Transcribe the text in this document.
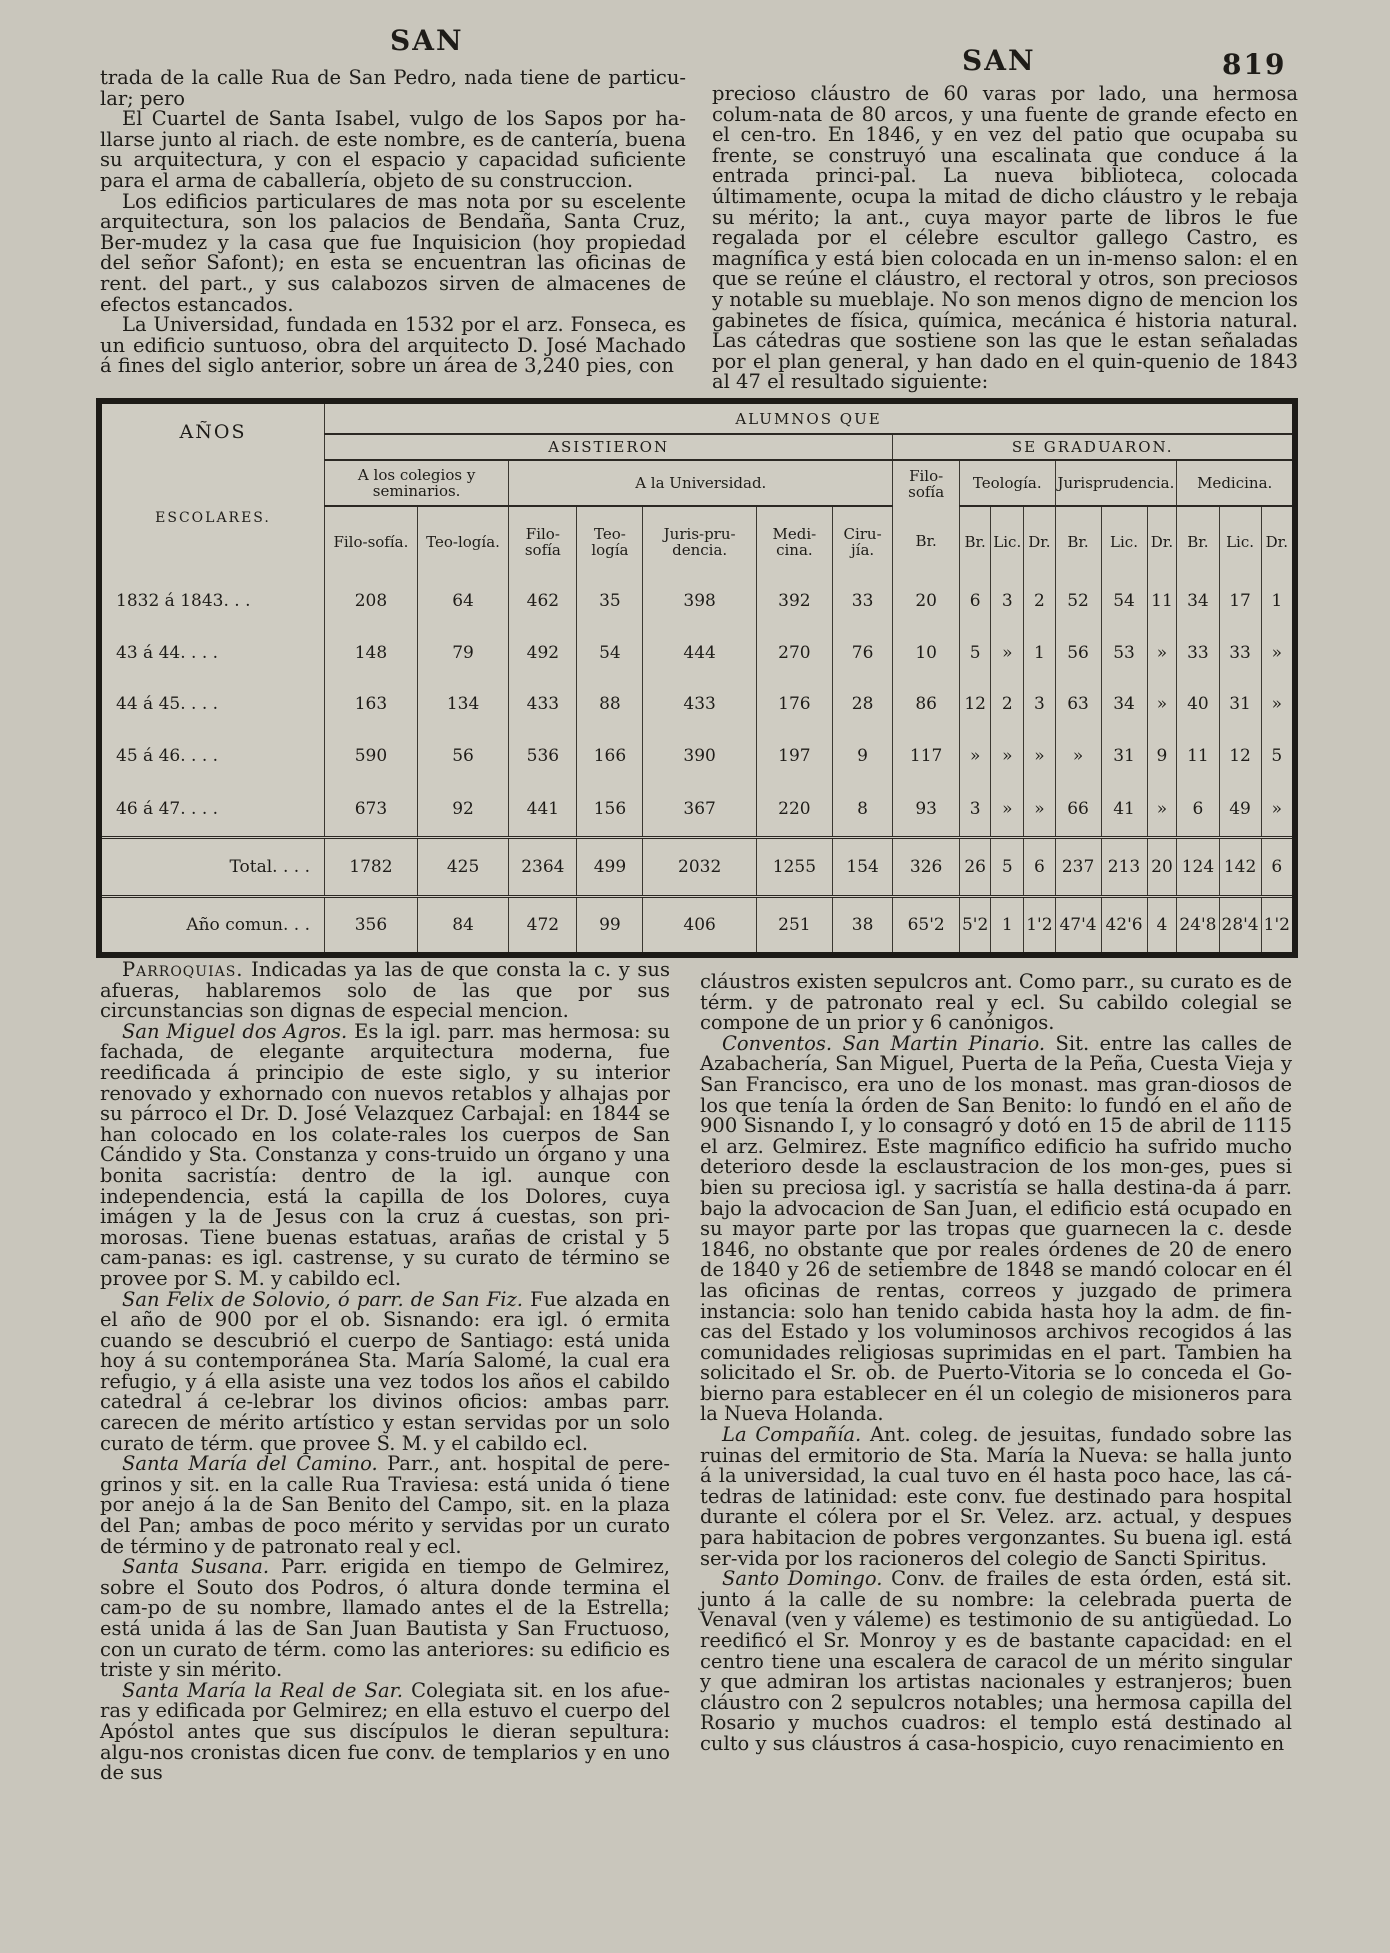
SAN
SAN	819

trada de la calle Rua de San Pedro, nada tiene de particu-lar; pero

El Cuartel de Santa Isabel, vulgo de los Sapos por ha-llarse junto al riach. de este nombre, es de cantería, buena su arquitectura, y con el espacio y capacidad suficiente para el arma de caballería, objeto de su construccion.

Los edificios particulares de mas nota por su escelente arquitectura, son los palacios de Bendaña, Santa Cruz, Ber-mudez y la casa que fue Inquisicion (hoy propiedad del señor Safont); en esta se encuentran las oficinas de rent. del part., y sus calabozos sirven de almacenes de efectos estancados.

La Universidad, fundada en 1532 por el arz. Fonseca, es un edificio suntuoso, obra del arquitecto D. José Machado á fines del siglo anterior, sobre un área de 3,240 pies, con

precioso cláustro de 60 varas por lado, una hermosa colum-nata de 80 arcos, y una fuente de grande efecto en el cen-tro. En 1846, y en vez del patio que ocupaba su frente, se construyó una escalinata que conduce á la entrada princi-pal. La nueva biblioteca, colocada últimamente, ocupa la mitad de dicho cláustro y le rebaja su mérito; la ant., cuya mayor parte de libros le fue regalada por el célebre escultor gallego Castro, es magnífica y está bien colocada en un in-menso salon: el en que se reúne el cláustro, el rectoral y otros, son preciosos y notable su mueblaje. No son menos digno de mencion los gabinetes de física, química, mecánica é historia natural. Las cátedras que sostiene son las que le estan señaladas por el plan general, y han dado en el quin-quenio de 1843 al 47 el resultado siguiente:

AÑOS	ALUMNOS QUE																
	ASISTIERON							SE GRADUARON.									

ESCOLARES.	A los colegios y seminarios.		A la Universidad.					Filo-sofía	Teología.			Jurisprudencia.			Medicina.		
	Filo-sofía.	Teo-logía.	Filo-sofía	Teo-logía	Juris-pru-dencia.	Medi-cina.	Ciru-jía.	Br.	Br.	Lic.	Dr.	Br.	Lic.	Dr.	Br.	Lic.	Dr.
1832 á 1843. . .	208	64	462	35	398	392	33	20	6	3	2	52	54	11	34	17	1
43 á 44. . . .	148	79	492	54	444	270	76	10	5	»	1	56	53	»	33	33	»
44 á 45. . . .	163	134	433	88	433	176	28	86	12	2	3	63	34	»	40	31	»
45 á 46. . . .	590	56	536	166	390	197	9	117	»	»	»	»	31	9	11	12	5
46 á 47. . . .	673	92	441	156	367	220	8	93	3	»	»	66	41	»	6	49	»
Total. . . .	1782	425	2364	499	2032	1255	154	326	26	5	6	237	213	20	124	142	6
Año comun. . .	356	84	472	99	406	251	38	65'2	5'2	1	1'2	47'4	42'6	4	24'8	28'4	1'2

Parroquias. Indicadas ya las de que consta la c. y sus afueras, hablaremos solo de las que por sus circunstancias son dignas de especial mencion.

San Miguel dos Agros. Es la igl. parr. mas hermosa: su fachada, de elegante arquitectura moderna, fue reedificada á principio de este siglo, y su interior renovado y exhornado con nuevos retablos y alhajas por su párroco el Dr. D. José Velazquez Carbajal: en 1844 se han colocado en los colate-rales los cuerpos de San Cándido y Sta. Constanza y cons-truido un órgano y una bonita sacristía: dentro de la igl. aunque con independencia, está la capilla de los Dolores, cuya imágen y la de Jesus con la cruz á cuestas, son pri-morosas. Tiene buenas estatuas, arañas de cristal y 5 cam-panas: es igl. castrense, y su curato de término se provee por S. M. y cabildo ecl.

San Felix de Solovio, ó parr. de San Fiz. Fue alzada en el año de 900 por el ob. Sisnando: era igl. ó ermita cuando se descubrió el cuerpo de Santiago: está unida hoy á su contemporánea Sta. María Salomé, la cual era refugio, y á ella asiste una vez todos los años el cabildo catedral á ce-lebrar los divinos oficios: ambas parr. carecen de mérito artístico y estan servidas por un solo curato de térm. que provee S. M. y el cabildo ecl.

Santa María del Camino. Parr., ant. hospital de pere-grinos y sit. en la calle Rua Traviesa: está unida ó tiene por anejo á la de San Benito del Campo, sit. en la plaza del Pan; ambas de poco mérito y servidas por un curato de término y de patronato real y ecl.

Santa Susana. Parr. erigida en tiempo de Gelmirez, sobre el Souto dos Podros, ó altura donde termina el cam-po de su nombre, llamado antes el de la Estrella; está unida á las de San Juan Bautista y San Fructuoso, con un curato de térm. como las anteriores: su edificio es triste y sin mérito.

Santa María la Real de Sar. Colegiata sit. en los afue-ras y edificada por Gelmirez; en ella estuvo el cuerpo del Apóstol antes que sus discípulos le dieran sepultura: algu-nos cronistas dicen fue conv. de templarios y en uno de sus

cláustros existen sepulcros ant. Como parr., su curato es de térm. y de patronato real y ecl. Su cabildo colegial se compone de un prior y 6 canónigos.

Conventos. San Martin Pinario. Sit. entre las calles de Azabachería, San Miguel, Puerta de la Peña, Cuesta Vieja y San Francisco, era uno de los monast. mas gran-diosos de los que tenía la órden de San Benito: lo fundó en el año de 900 Sisnando I, y lo consagró y dotó en 15 de abril de 1115 el arz. Gelmirez. Este magnífico edificio ha sufrido mucho deterioro desde la esclaustracion de los mon-ges, pues si bien su preciosa igl. y sacristía se halla destina-da á parr. bajo la advocacion de San Juan, el edificio está ocupado en su mayor parte por las tropas que guarnecen la c. desde 1846, no obstante que por reales órdenes de 20 de enero de 1840 y 26 de setiembre de 1848 se mandó colocar en él las oficinas de rentas, correos y juzgado de primera instancia: solo han tenido cabida hasta hoy la adm. de fin-cas del Estado y los voluminosos archivos recogidos á las comunidades religiosas suprimidas en el part. Tambien ha solicitado el Sr. ob. de Puerto-Vitoria se lo conceda el Go-bierno para establecer en él un colegio de misioneros para la Nueva Holanda.

La Compañía. Ant. coleg. de jesuitas, fundado sobre las ruinas del ermitorio de Sta. María la Nueva: se halla junto á la universidad, la cual tuvo en él hasta poco hace, las cá-tedras de latinidad: este conv. fue destinado para hospital durante el cólera por el Sr. Velez. arz. actual, y despues para habitacion de pobres vergonzantes. Su buena igl. está ser-vida por los racioneros del colegio de Sancti Spiritus.

Santo Domingo. Conv. de frailes de esta órden, está sit. junto á la calle de su nombre: la celebrada puerta de Venaval (ven y váleme) es testimonio de su antigüedad. Lo reedificó el Sr. Monroy y es de bastante capacidad: en el centro tiene una escalera de caracol de un mérito singular y que admiran los artistas nacionales y estranjeros; buen cláustro con 2 sepulcros notables; una hermosa capilla del Rosario y muchos cuadros: el templo está destinado al culto y sus cláustros á casa-hospicio, cuyo renacimiento en
